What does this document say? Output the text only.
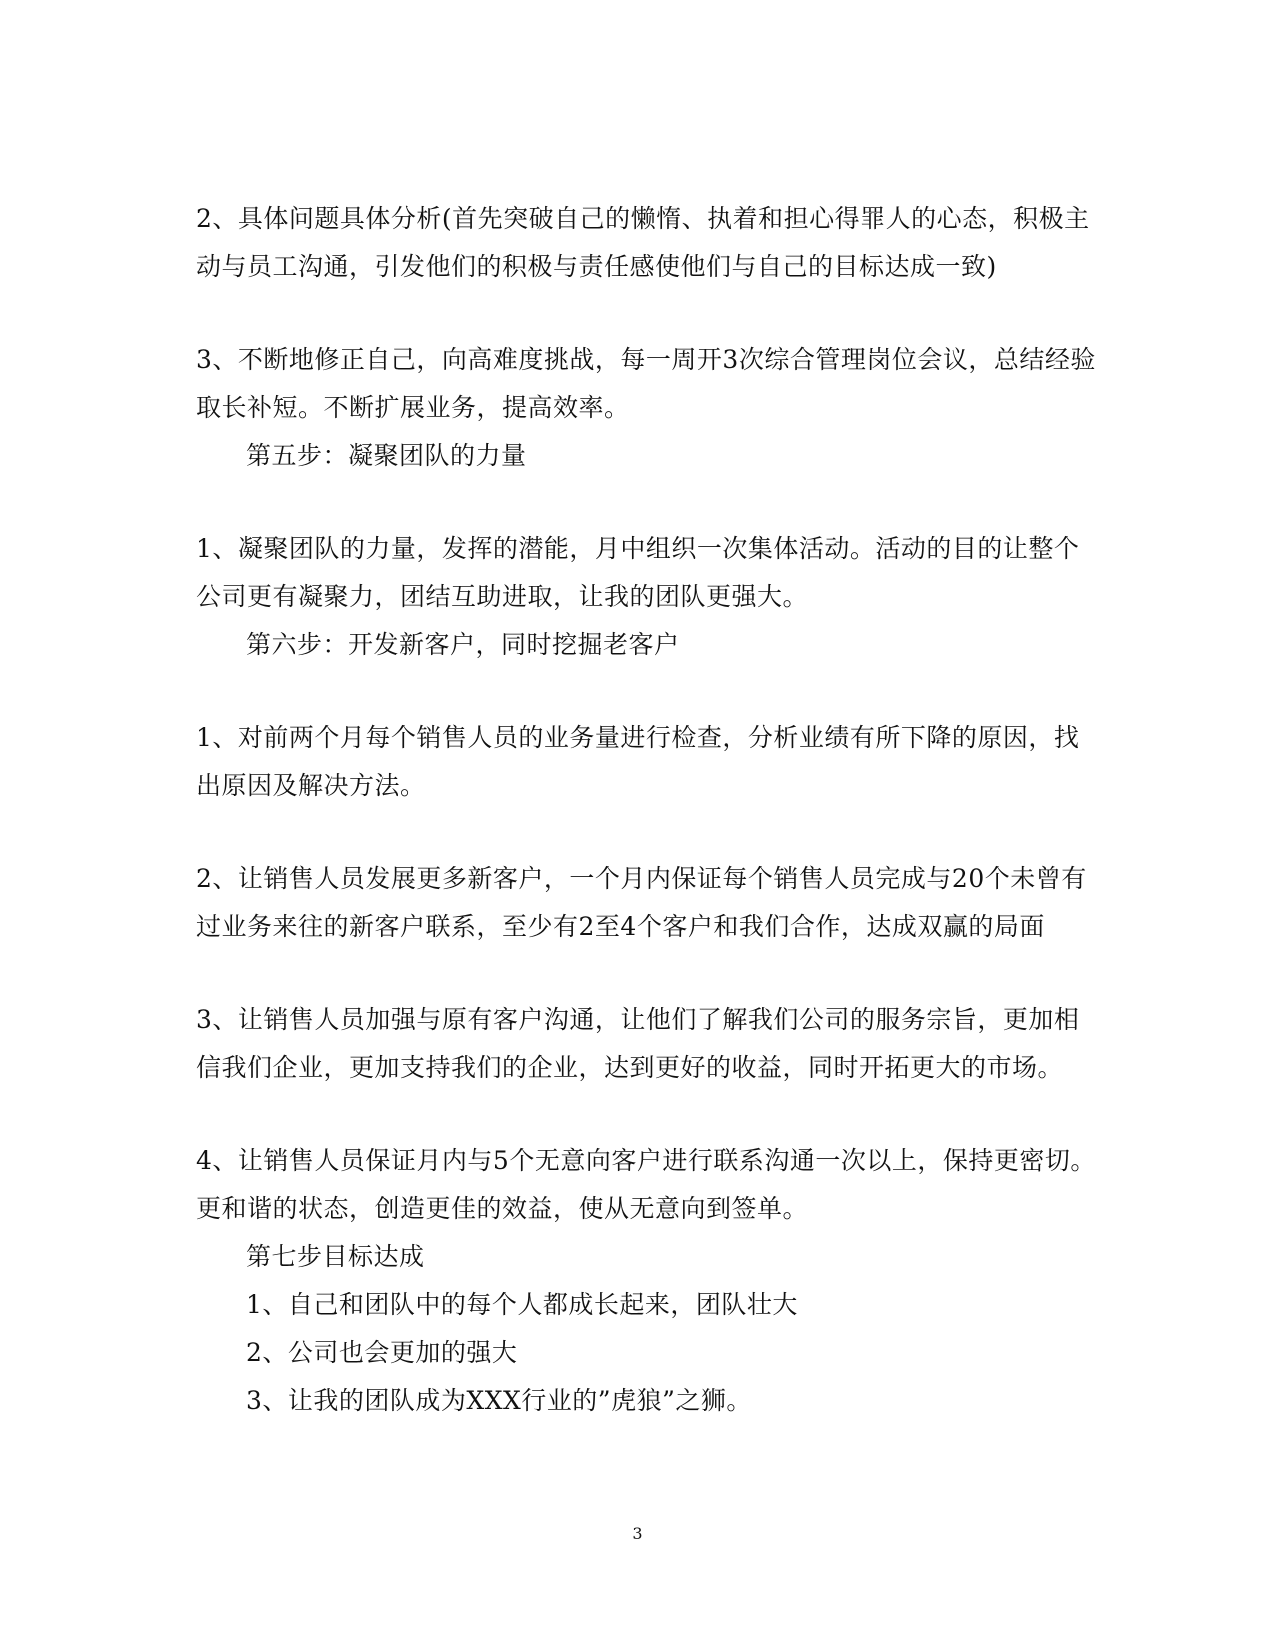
2、具体问题具体分析(首先突破自己的懒惰、执着和担心得罪人的心态，积极主
动与员工沟通，引发他们的积极与责任感使他们与自己的目标达成一致)
3、不断地修正自己，向高难度挑战，每一周开3次综合管理岗位会议，总结经验
取长补短。不断扩展业务，提高效率。
第五步：凝聚团队的力量
1、凝聚团队的力量，发挥的潜能，月中组织一次集体活动。活动的目的让整个
公司更有凝聚力，团结互助进取，让我的团队更强大。
第六步：开发新客户，同时挖掘老客户
1、对前两个月每个销售人员的业务量进行检查，分析业绩有所下降的原因，找
出原因及解决方法。
2、让销售人员发展更多新客户，一个月内保证每个销售人员完成与20个未曾有
过业务来往的新客户联系，至少有2至4个客户和我们合作，达成双赢的局面
3、让销售人员加强与原有客户沟通，让他们了解我们公司的服务宗旨，更加相
信我们企业，更加支持我们的企业，达到更好的收益，同时开拓更大的市场。
4、让销售人员保证月内与5个无意向客户进行联系沟通一次以上，保持更密切。
更和谐的状态，创造更佳的效益，使从无意向到签单。
第七步目标达成
1、自己和团队中的每个人都成长起来，团队壮大
2、公司也会更加的强大
3、让我的团队成为XXX行业的”虎狼”之狮。
3
